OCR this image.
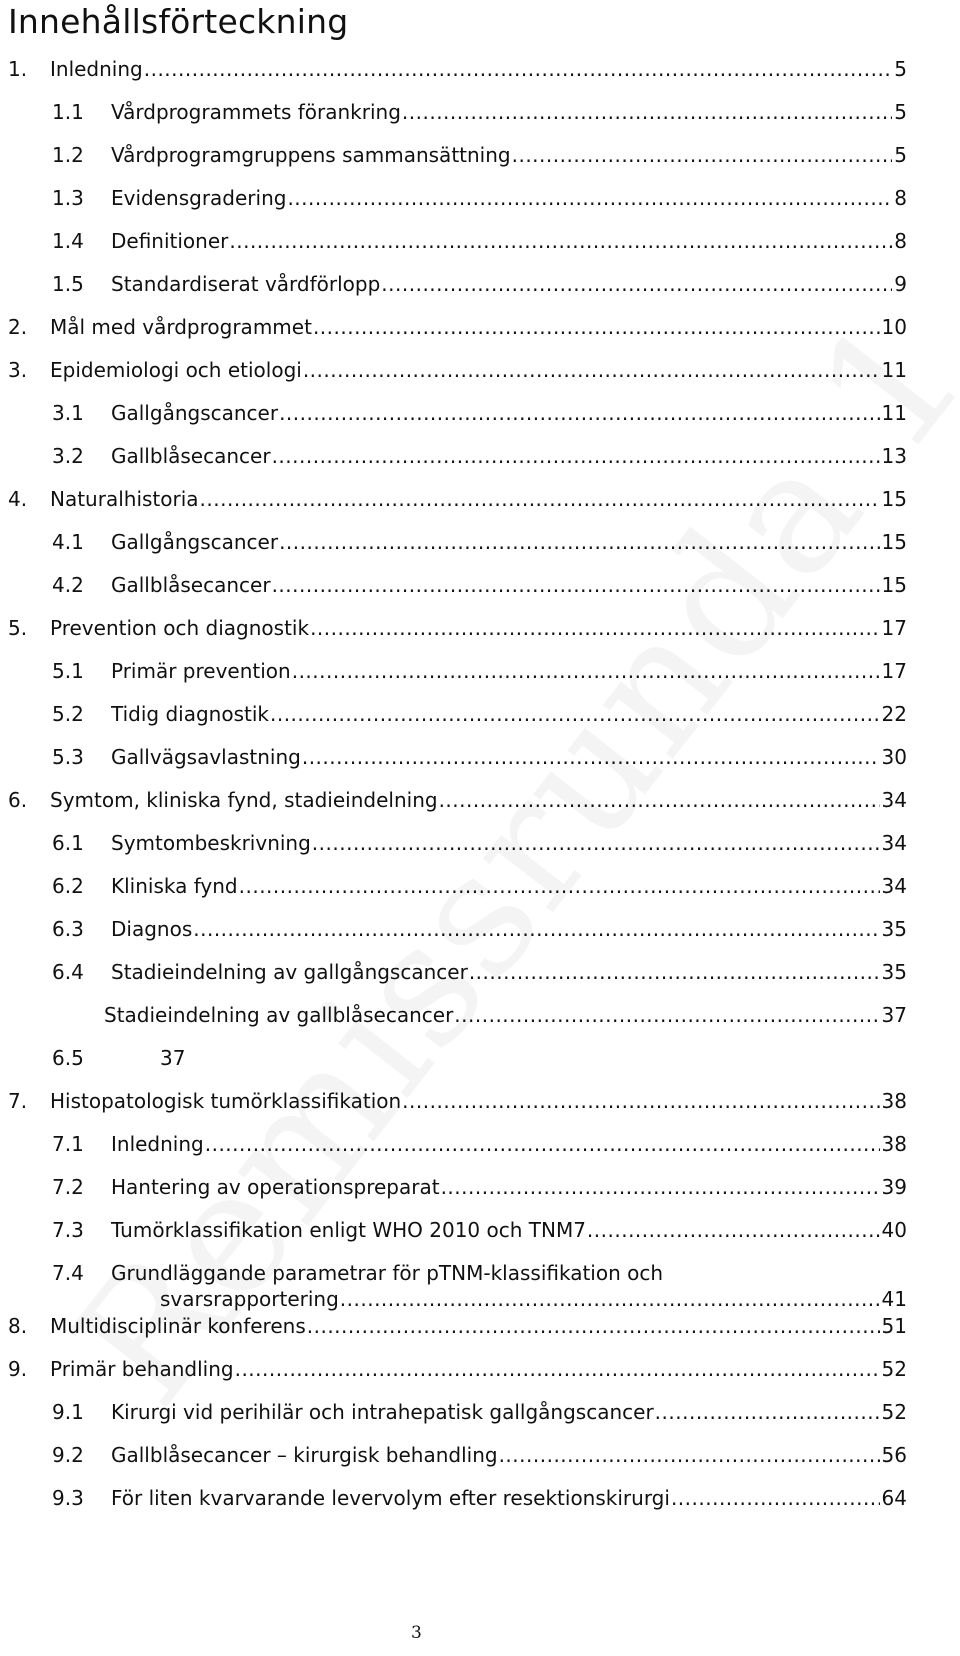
Innehållsförteckning
1. Inledning .....	5
1.1 Vårdprogrammets förankring .....	5
1.2 Vårdprogramgruppens sammansättning .....	5
1.3 Evidensgradering .....	8
1.4 Definitioner .....	8
1.5 Standardiserat vårdförlopp .....	9
2. Mål med vårdprogrammet .....	10
3. Epidemiologi och etiologi .....	11
3.1 Gallgångscancer .....	11
3.2 Gallblåsecancer .....	13
4. Naturalhistoria .....	15
4.1 Gallgångscancer .....	15
4.2 Gallblåsecancer .....	15
5. Prevention och diagnostik .....	17
5.1 Primär prevention .....	17
5.2 Tidig diagnostik .....	22
5.3 Gallvägsavlastning .....	30
6. Symtom, kliniska fynd, stadieindelning .....	34
6.1 Symtombeskrivning .....	34
6.2 Kliniska fynd .....	34
6.3 Diagnos .....	35
6.4 Stadieindelning av gallgångscancer .....	35
Stadieindelning av gallblåsecancer .....	37
6.5	37
7. Histopatologisk tumörklassifikation .....	38
7.1 Inledning .....	38
7.2 Hantering av operationspreparat .....	39
7.3 Tumörklassifikation enligt WHO 2010 och TNM7 .....	40
7.4 Grundläggande parametrar för pTNM-klassifikation och
svarsrapportering .....	41
8. Multidisciplinär konferens .....	51
9. Primär behandling .....	52
9.1 Kirurgi vid perihilär och intrahepatisk gallgångscancer .....	52
9.2 Gallblåsecancer – kirurgisk behandling .....	56
9.3 För liten kvarvarande levervolym efter resektionskirurgi .....	64
3
